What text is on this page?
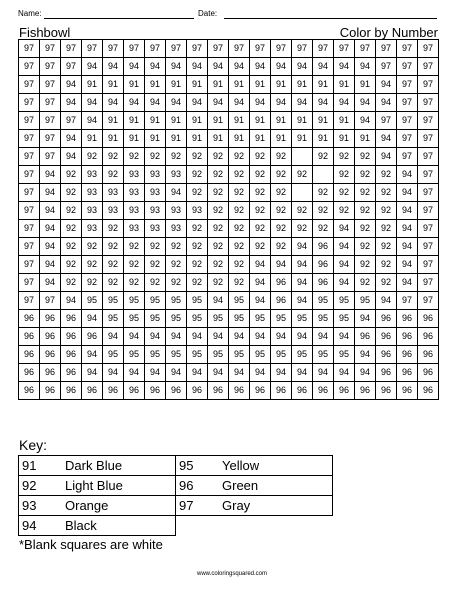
Name:	Date:
Fishbowl	Color by Number
97	97	97	97	97	97	97	97	97	97	97	97	97	97	97	97	97	97	97	97
97	97	97	94	94	94	94	94	94	94	94	94	94	94	94	94	94	97	97	97
97	97	94	91	91	91	91	91	91	91	91	91	91	91	91	91	91	94	97	97
97	97	94	94	94	94	94	94	94	94	94	94	94	94	94	94	94	94	97	97
97	97	97	94	91	91	91	91	91	91	91	91	91	91	91	91	94	97	97	97
97	97	94	91	91	91	91	91	91	91	91	91	91	91	91	91	91	94	97	97
97	97	94	92	92	92	92	92	92	92	92	92	92		92	92	92	94	97	97
97	94	92	93	92	93	93	93	92	92	92	92	92	92		92	92	92	94	97
97	94	92	93	93	93	93	94	92	92	92	92	92		92	92	92	92	94	97
97	94	92	93	93	93	93	93	93	92	92	92	92	92	92	92	92	92	94	97
97	94	92	93	92	93	93	93	92	92	92	92	92	92	92	94	92	92	94	97
97	94	92	92	92	92	92	92	92	92	92	92	92	94	96	94	92	92	94	97
97	94	92	92	92	92	92	92	92	92	92	94	94	94	96	94	92	92	94	97
97	94	92	92	92	92	92	92	92	92	92	94	96	94	96	94	92	92	94	97
97	97	94	95	95	95	95	95	95	94	95	94	96	94	95	95	95	94	97	97
96	96	96	94	95	95	95	95	95	95	95	95	95	95	95	95	94	96	96	96
96	96	96	96	94	94	94	94	94	94	94	94	94	94	94	94	96	96	96	96
96	96	96	94	95	95	95	95	95	95	95	95	95	95	95	95	94	96	96	96
96	96	96	94	94	94	94	94	94	94	94	94	94	94	94	94	94	96	96	96
96	96	96	96	96	96	96	96	96	96	96	96	96	96	96	96	96	96	96	96
Key:
91	Dark Blue	95	Yellow
92	Light Blue	96	Green
93	Orange	97	Gray
94	Black		
*Blank squares are white
www.coloringsquared.com
